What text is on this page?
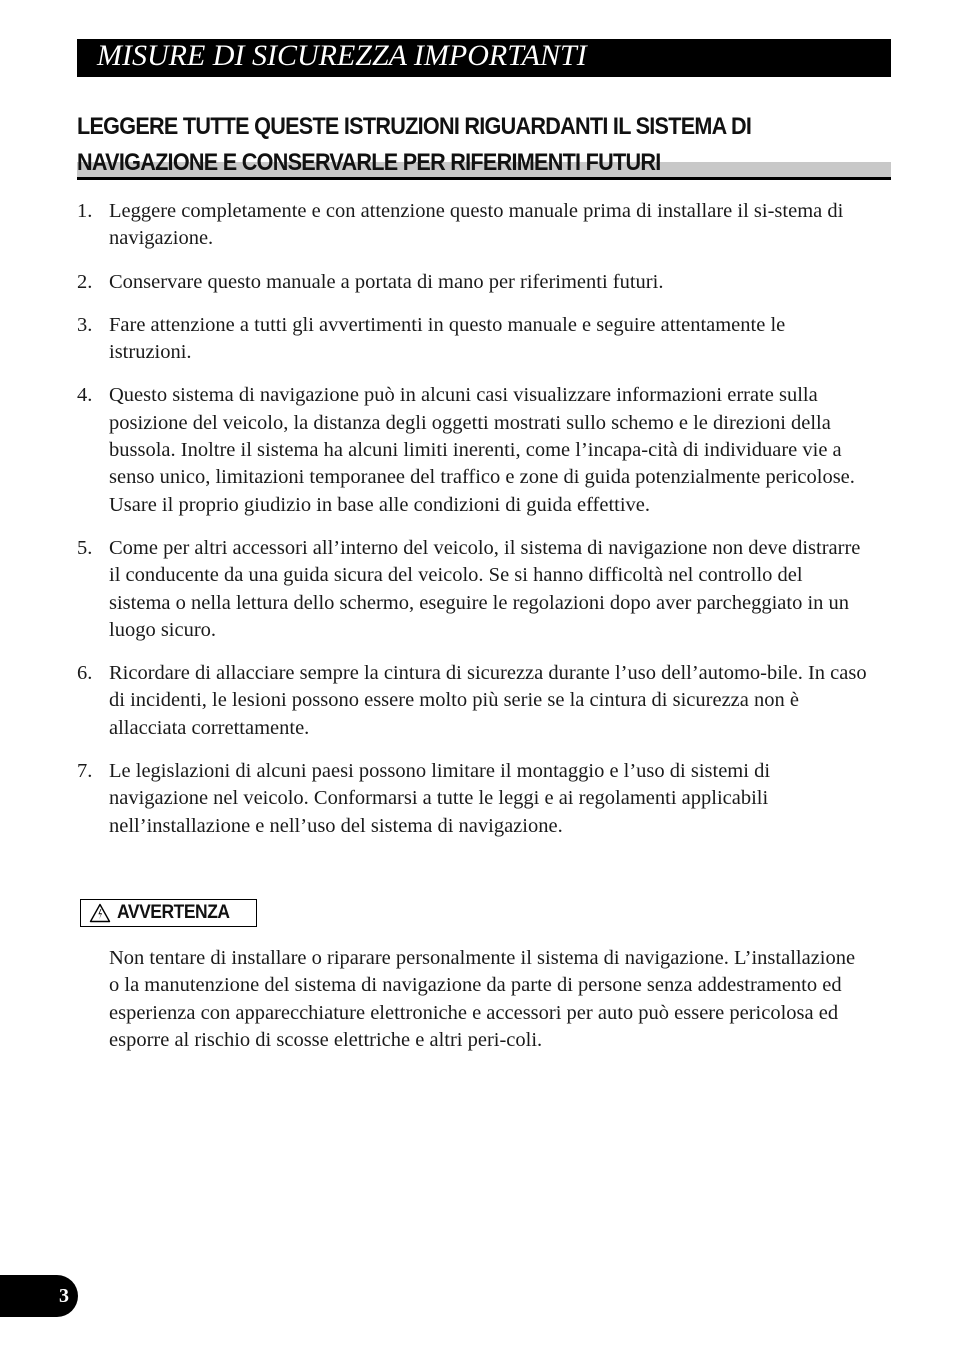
MISURE DI SICUREZZA IMPORTANTI
LEGGERE TUTTE QUESTE ISTRUZIONI RIGUARDANTI IL SISTEMA DI
NAVIGAZIONE E CONSERVARLE PER RIFERIMENTI FUTURI
1. Leggere completamente e con attenzione questo manuale prima di installare il si-stema di navigazione.
2. Conservare questo manuale a portata di mano per riferimenti futuri.
3. Fare attenzione a tutti gli avvertimenti in questo manuale e seguire attentamente le istruzioni.
4. Questo sistema di navigazione può in alcuni casi visualizzare informazioni errate sulla posizione del veicolo, la distanza degli oggetti mostrati sullo schemo e le direzioni della bussola. Inoltre il sistema ha alcuni limiti inerenti, come l’incapa-cità di individuare vie a senso unico, limitazioni temporanee del traffico e zone di guida potenzialmente pericolose. Usare il proprio giudizio in base alle condizioni di guida effettive.
5. Come per altri accessori all’interno del veicolo, il sistema di navigazione non deve distrarre il conducente da una guida sicura del veicolo. Se si hanno difficoltà nel controllo del sistema o nella lettura dello schermo, eseguire le regolazioni dopo aver parcheggiato in un luogo sicuro.
6. Ricordare di allacciare sempre la cintura di sicurezza durante l’uso dell’automo-bile. In caso di incidenti, le lesioni possono essere molto più serie se la cintura di sicurezza non è allacciata correttamente.
7. Le legislazioni di alcuni paesi possono limitare il montaggio e l’uso di sistemi di navigazione nel veicolo. Conformarsi a tutte le leggi e ai regolamenti applicabili nell’installazione e nell’uso del sistema di navigazione.
AVVERTENZA

Non tentare di installare o riparare personalmente il sistema di navigazione. L’installazione o la manutenzione del sistema di navigazione da parte di persone senza addestramento ed esperienza con apparecchiature elettroniche e accessori per auto può essere pericolosa ed esporre al rischio di scosse elettriche e altri peri-coli.

3
